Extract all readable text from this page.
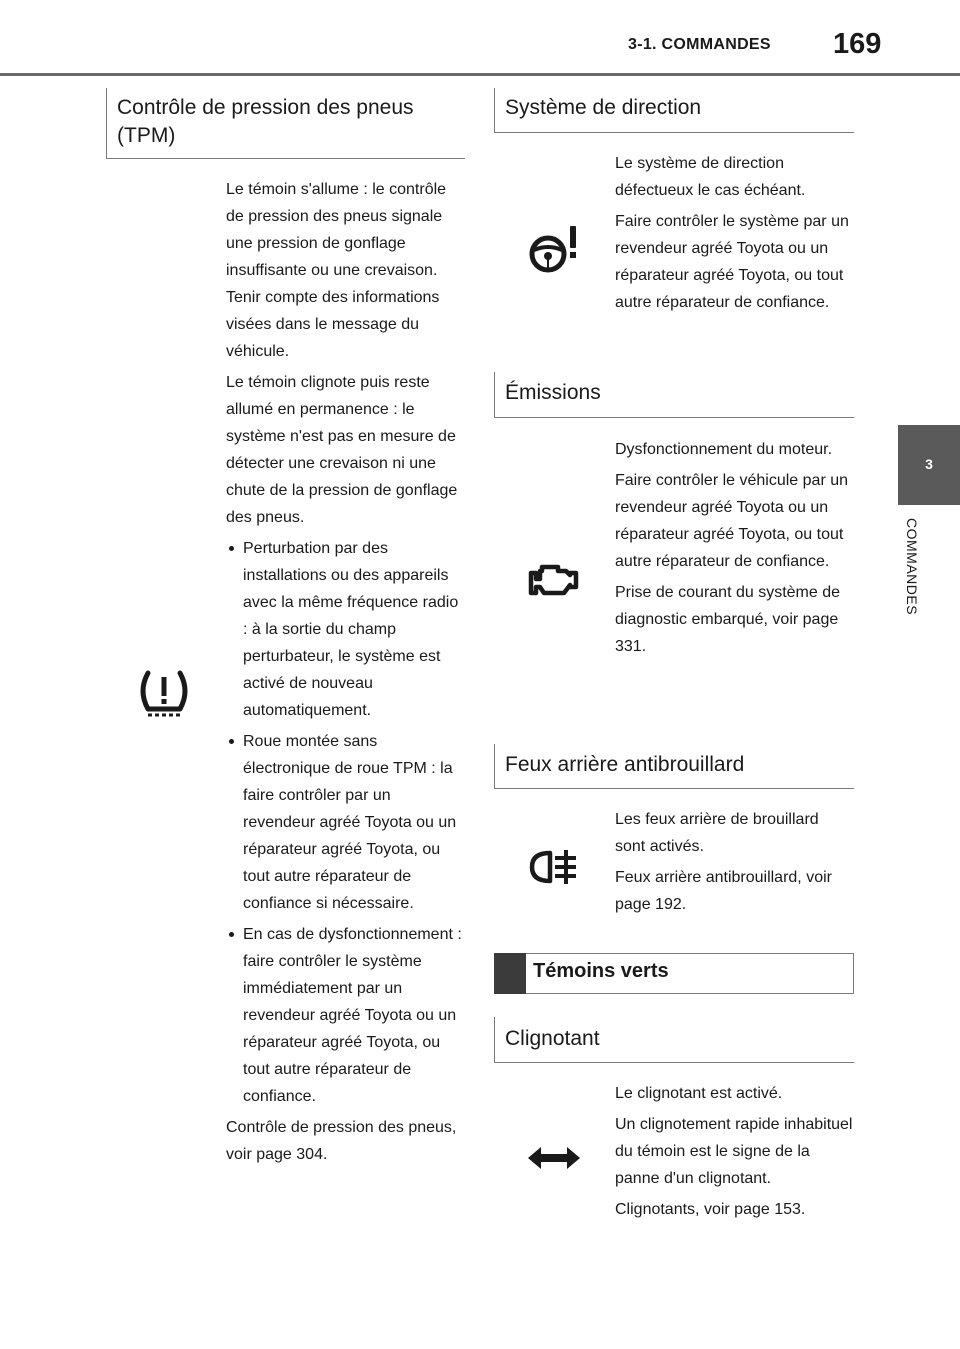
3-1. COMMANDES 169
3
COMMANDES
Contrôle de pression des pneus (TPM)

Le témoin s'allume : le contrôle de pression des pneus signale une pression de gonflage insuffisante ou une crevaison. Tenir compte des informations visées dans le message du véhicule.

Le témoin clignote puis reste allumé en permanence : le système n'est pas en mesure de détecter une crevaison ni une chute de la pression de gonflage des pneus.

Perturbation par des installations ou des appareils avec la même fréquence radio : à la sortie du champ perturbateur, le système est activé de nouveau automatiquement.
Roue montée sans électronique de roue TPM : la faire contrôler par un revendeur agréé Toyota ou un réparateur agréé Toyota, ou tout autre réparateur de confiance si nécessaire.
En cas de dysfonctionnement : faire contrôler le système immédiatement par un revendeur agréé Toyota ou un réparateur agréé Toyota, ou tout autre réparateur de confiance.

Contrôle de pression des pneus, voir page 304.

Système de direction

Le système de direction défectueux le cas échéant.

Faire contrôler le système par un revendeur agréé Toyota ou un réparateur agréé Toyota, ou tout autre réparateur de confiance.

Émissions

Dysfonctionnement du moteur.

Faire contrôler le véhicule par un revendeur agréé Toyota ou un réparateur agréé Toyota, ou tout autre réparateur de confiance.

Prise de courant du système de diagnostic embarqué, voir page 331.

Feux arrière antibrouillard

Les feux arrière de brouillard sont activés.

Feux arrière antibrouillard, voir page 192.

Témoins verts
Clignotant

Le clignotant est activé.

Un clignotement rapide inhabituel du témoin est le signe de la panne d'un clignotant.

Clignotants, voir page 153.
